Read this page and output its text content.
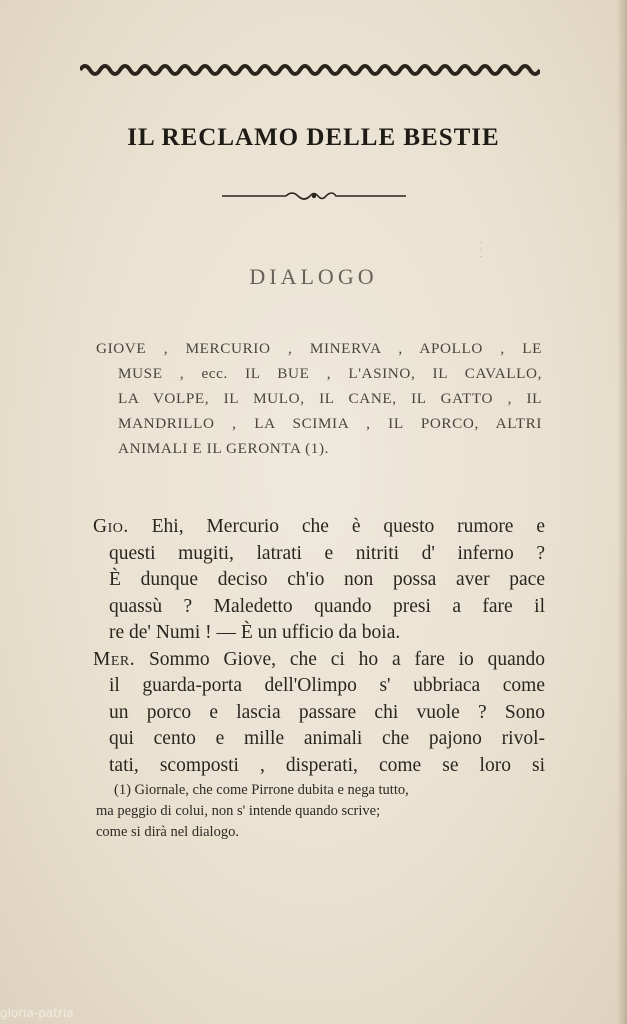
IL RECLAMO DELLE BESTIE
·
·
·
DIALOGO
GIOVE , MERCURIO , MINERVA , APOLLO , LE
MUSE , ecc. IL BUE , L'ASINO, IL CAVALLO,
LA VOLPE, IL MULO, IL CANE, IL GATTO , IL
MANDRILLO , LA SCIMIA , IL PORCO, ALTRI
ANIMALI E IL GERONTA (1).
Gio. Ehi, Mercurio che è questo rumore e
questi mugiti, latrati e nitriti d' inferno ?
È dunque deciso ch'io non possa aver pace
quassù ? Maledetto quando presi a fare il
re de' Numi ! — È un ufficio da boia.
Mer. Sommo Giove, che ci ho a fare io quando
il guarda-porta dell'Olimpo s' ubbriaca come
un porco e lascia passare chi vuole ? Sono
qui cento e mille animali che pajono rivol-
tati, scomposti , disperati, come se loro si
(1) Giornale, che come Pirrone dubita e nega tutto,
ma peggio di colui, non s' intende quando scrive;
come si dirà nel dialogo.
gloria-patria
